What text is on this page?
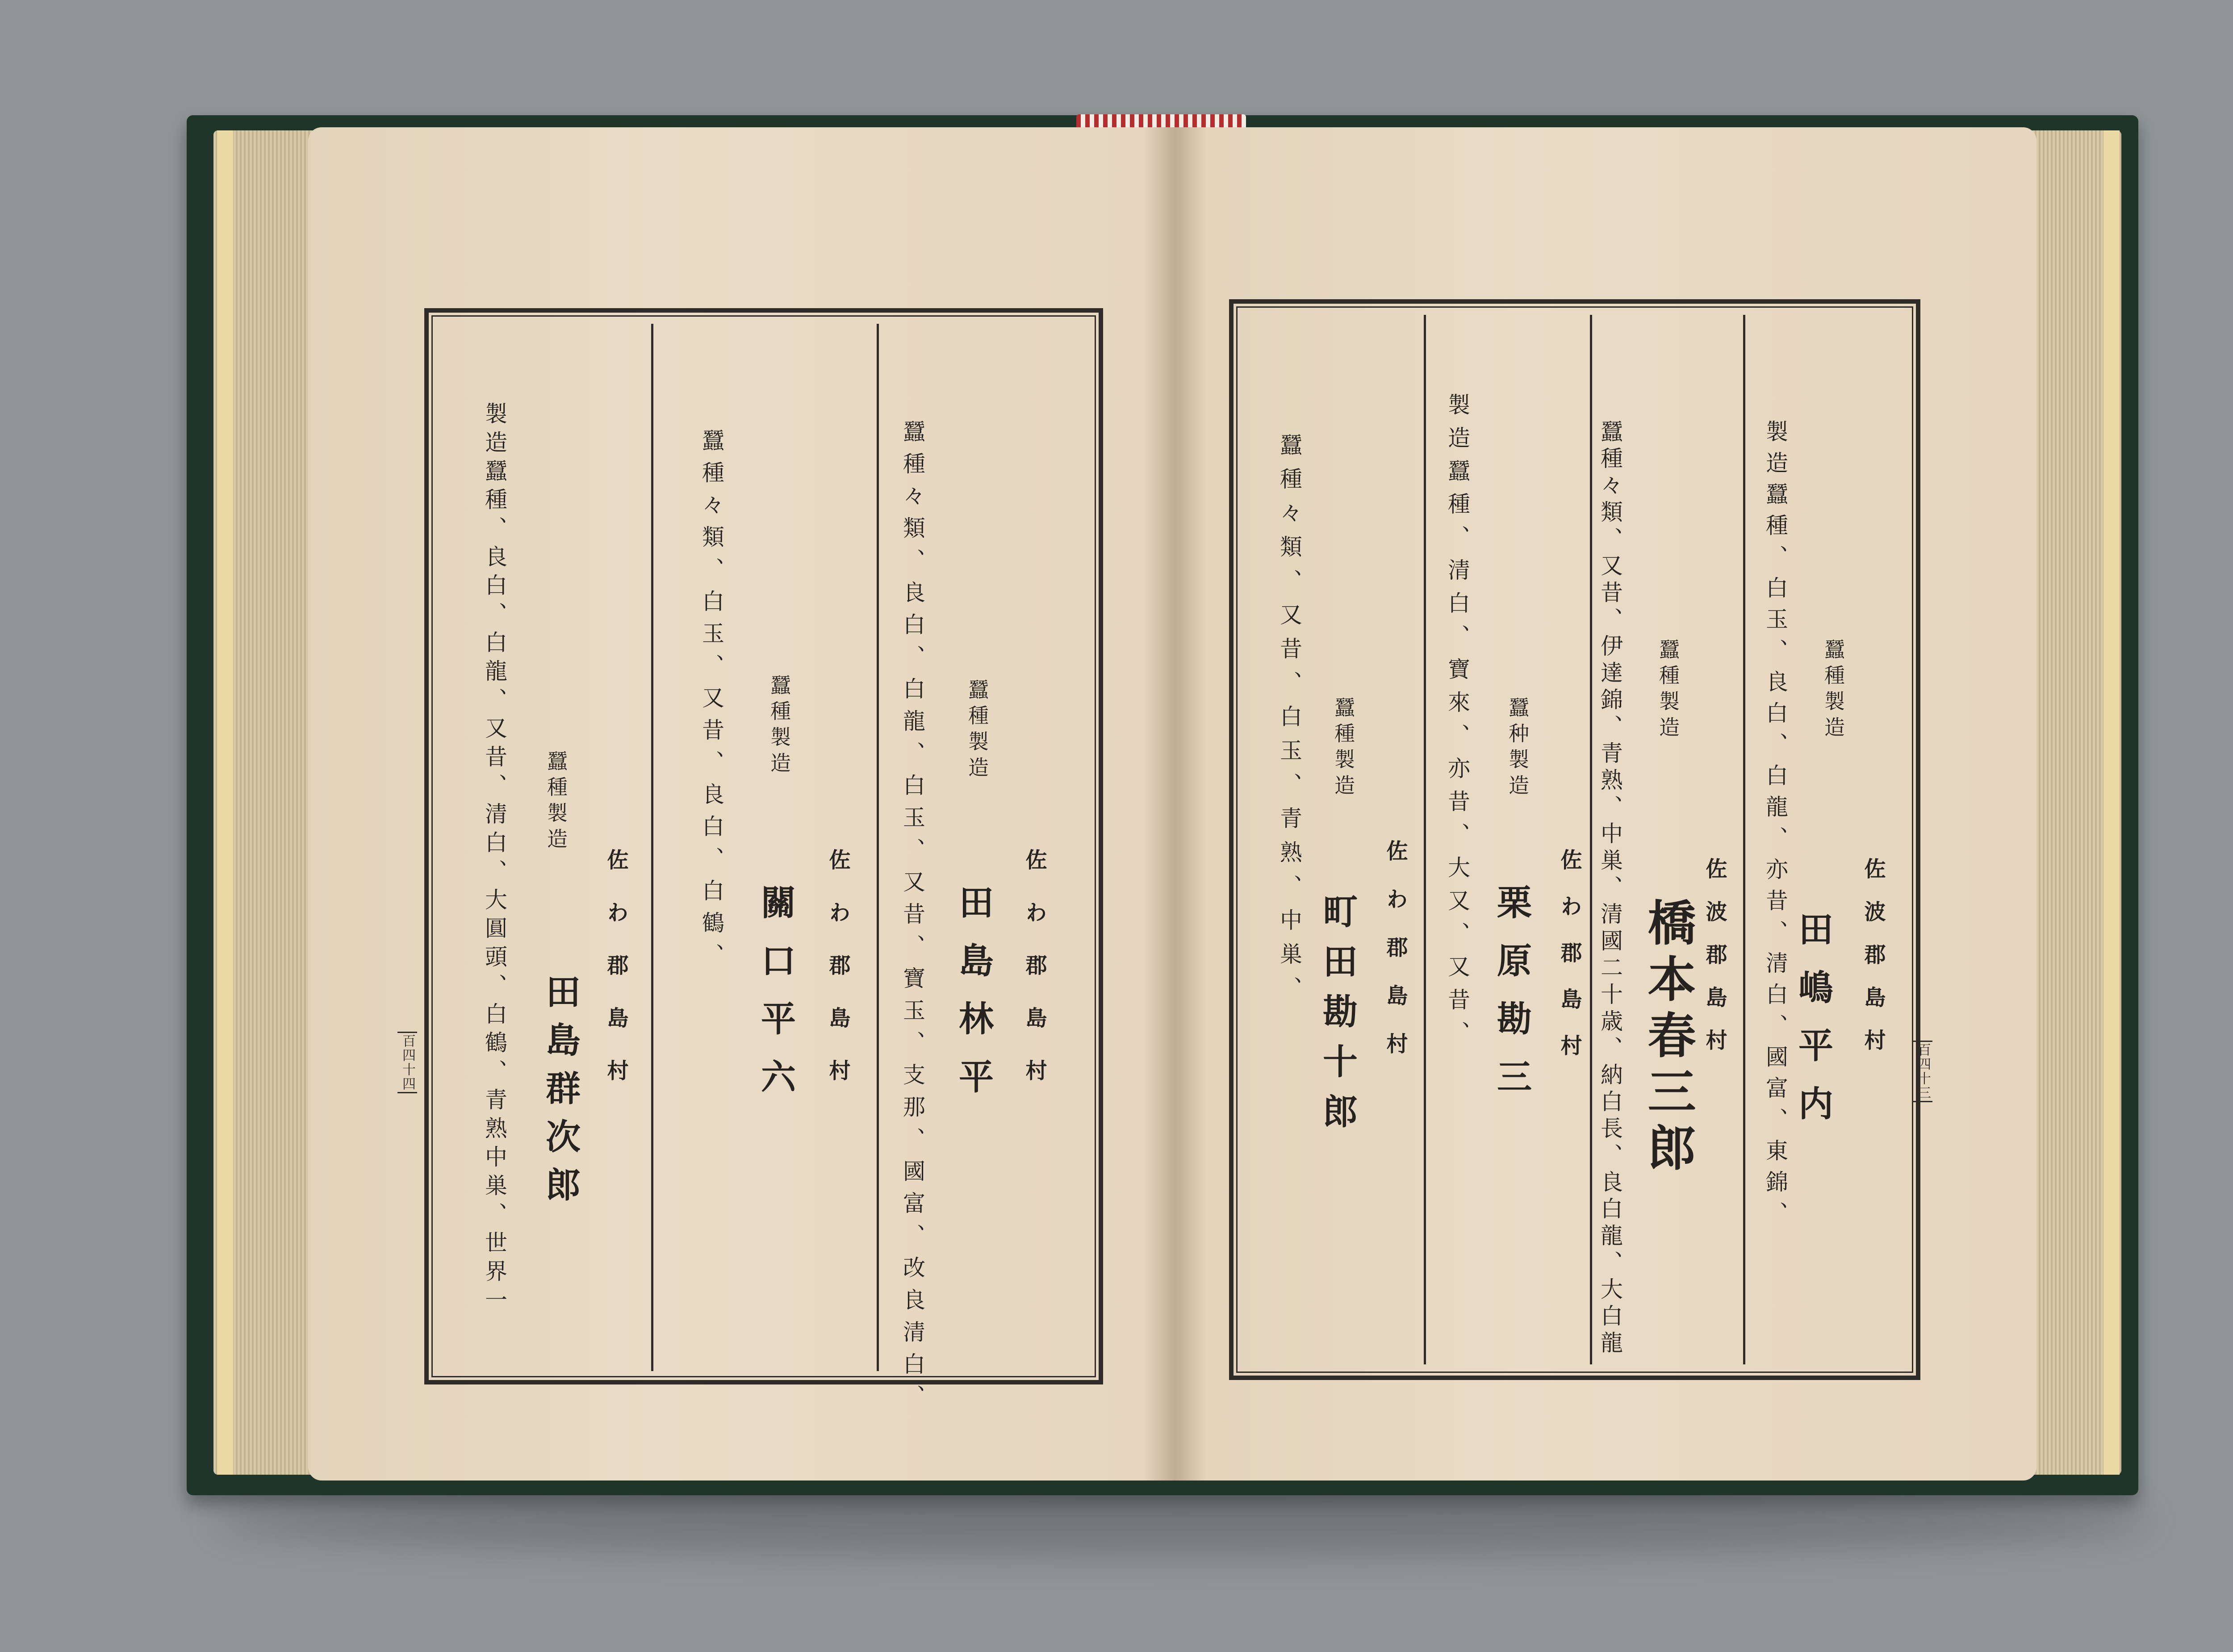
百四十四	百四十三
蠶種々類、良白、白龍、白玉、又昔、寶玉、支那、國富、改良清白、 蠶種製造
田島林平 佐わ郡島村
蠶種々類、白玉、又昔、良白、白鶴、 蠶種製造
關口平六 佐わ郡島村
製造蠶種、良白、白龍、又昔、清白、大圓頭、白鶴、青熟中巣、世界一 蠶種製造
田島群次郎 佐わ郡島村	製造蠶種、白玉、良白、白龍、亦昔、清白、國富、東錦、 蠶種製造
田嶋平内 佐波郡島村
蠶種々類、又昔、伊達錦、青熟、中巣、清國二十歳、納白長、良白龍、大白龍 蠶種製造
橋本春三郎 佐波郡島村
製造蠶種、清白、寶來、亦昔、大又、又昔、 蠶种製造
栗原勘三 佐わ郡島村
蠶種々類、又昔、白玉、青熟、中巣、 蠶種製造
町田勘十郎 佐わ郡島村
